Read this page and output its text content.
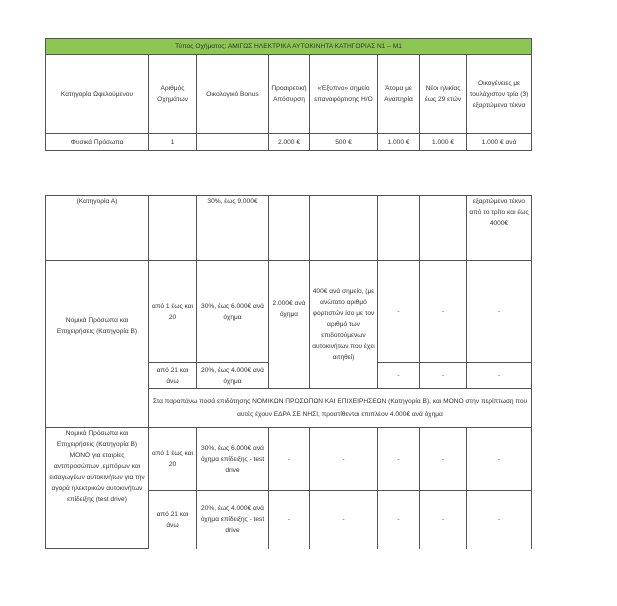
Τύπος Οχήματος: ΑΜΙΓΩΣ ΗΛΕΚΤΡΙΚΑ ΑΥΤΟΚΙΝΗΤΑ ΚΑΤΗΓΟΡΙΑΣ Ν1 – Μ1							
Κατηγορία Ωφελούμενου	Αριθμός Οχημάτων	Οικολογικό Bonus	Προαιρετική Απόσυρση	«Έξυπνο» σημείο επαναφόρτισης Η/Ο	Άτομα με Αναπηρία	Νέοι ηλικίας έως 29 ετών	Οικογένειες με τουλάχιστον τρία (3) εξαρτώμενα τέκνα
Φυσικά Πρόσωπα	1		2.000 €	500 €	1.000 €	1.000 €	1.000 € ανά
(Κατηγορία Α)		30%, έως 9.000€					εξαρτώμενο τέκνο από το τρίτο και έως 4000€
Νομικά Πρόσωπα και Επιχειρήσεις (Κατηγορία Β)	από 1 έως και 20	30%, έως 6.000€ ανά όχημα	2.000€ ανά όχημα	400€ ανά σημείο, (με ανώτατο αριθμό φορτιστών ίσο με τον αριθμό των επιδοτούμενων αυτοκινήτων που έχει αιτηθεί)	-	-	-
	από 21 και άνω	20%, έως 4.000€ ανά όχημα			-	-	-
	Στα παραπάνω ποσά επιδότησης ΝΟΜΙΚΩΝ ΠΡΟΣΩΠΩΝ ΚΑΙ ΕΠΙΧΕΙΡΗΣΕΩΝ (Κατηγορία Β), και ΜΟΝΟ στην περίπτωση που αυτές έχουν ΕΔΡΑ ΣΕ ΝΗΣΙ, προστίθενται επιπλέον 4.000€ ανά όχημα						
Νομικά Πρόσωπα και Επιχειρήσεις (Κατηγορία Β) ΜΟΝΟ για εταιρίες αντιπροσώπων ,εμπόρων και εισαγωγέων αυτοκινήτων για την αγορά ηλεκτρικών αυτοκινήτων επίδειξης (test drive)	από 1 έως και 20	30%, έως 6.000€ ανά όχημα επίδειξης - test drive	-	-	-	-	-
	από 21 και άνω	20%, έως 4.000€ ανά όχημα επίδειξης - test drive	-	-	-	-	-
